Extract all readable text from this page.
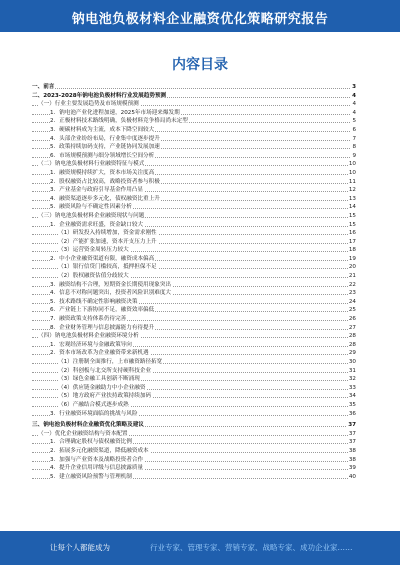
钠电池负极材料企业融资优化策略研究报告
内容目录
一、前言	3
二、2023-2028年钠电池负极材料行业发展趋势预测	4
（一）行业主要发展趋势及市场规模预测	4
1．钠电池产业化进程加速，2025年市场迎来爆发期	4
2．正极材料技术路线明确，负极材料竞争格局尚未定型	5
3．硬碳材料成为主流，成本下降空间较大	6
4．头部企业纷纷布局，行业集中度逐步提升	7
5．政策持续加码支持，产业链协同发展加速	8
6．市场规模预测与细分领域增长空间分析	9
（二）钠电池负极材料行业融资特征与模式	10
1．融资规模持续扩大，资本市场关注度高	10
2．股权融资占比较高，战略投资者参与积极	11
3．产业基金与政府引导基金作用凸显	12
4．融资渠道逐步多元化，债权融资比重上升	13
5．融资风险与不确定性因素分析	14
（三）钠电池负极材料企业融资现状与问题	15
1．企业融资需求旺盛，资金缺口较大	15
（1）研发投入持续增加，资金需求刚性	16
（2）产能扩张加速，资本开支压力上升	17
（3）运营资金周转压力较大	18
2．中小企业融资渠道有限，融资成本偏高	19
（1）银行信贷门槛较高，抵押担保不足	20
（2）股权融资估值分歧较大	21
3．融资结构不合理，短期资金长期使用现象突出	22
4．信息不对称问题突出，投资者风险识别难度大	23
5．技术路线不确定性影响融资决策	24
6．产业链上下游协同不足，融资效率偏低	25
7．融资政策支持体系仍待完善	26
8．企业财务管理与信息披露能力有待提升	27
（四）钠电池负极材料企业融资环境分析	28
1．宏观经济环境与金融政策导向	28
2．资本市场改革为企业融资带来新机遇	29
（1）注册制全面推行，上市融资路径拓宽	30
（2）科创板与北交所支持硬科技企业	31
（3）绿色金融工具创新不断涌现	32
（4）供应链金融助力中小企业融资	33
（5）地方政府产业扶持政策持续加码	34
（6）产融结合模式逐步成熟	35
3．行业融资环境面临的挑战与风险	36
三、钠电池负极材料企业融资优化策略及建议	37
（一）优化企业融资结构与资本配置	37
1．合理确定股权与债权融资比例	37
2．拓展多元化融资渠道，降低融资成本	38
3．加强与产业资本及战略投资者合作	38
4．提升企业信用评级与信息披露质量	39
5．建立融资风险预警与管理机制	40
让每个人都能成为	行业专家、管理专家、营销专家、战略专家、成功企业家……
